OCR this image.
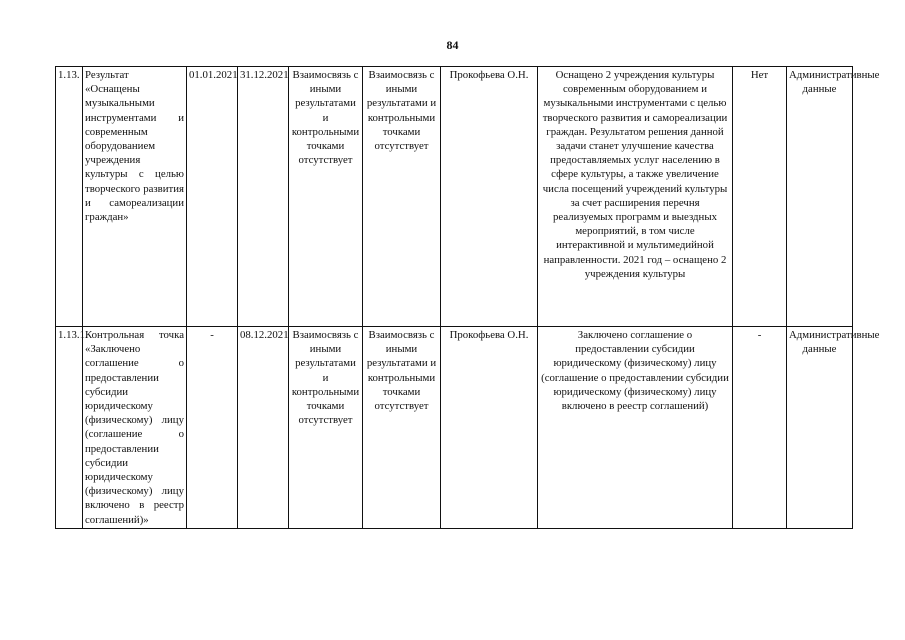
84
1.13.	Результат «Оснащены музыкальными инструментами и современным оборудованием учреждения культуры с целью творческого развития и самореализации граждан»	01.01.2021	31.12.2021	Взаимосвязь с иными результатами и контрольными точками отсутствует	Взаимосвязь с иными результатами и контрольными точками отсутствует	Прокофьева О.Н.	Оснащено 2 учреждения культуры современным оборудованием и музыкальными инструментами с целью творческого развития и самореализации граждан. Результатом решения данной задачи станет улучшение качества предоставляемых услуг населению в сфере культуры, а также увеличение числа посещений учреждений культуры за счет расширения перечня реализуемых программ и выездных мероприятий, в том числе интерактивной и мультимедийной направленности. 2021 год – оснащено 2 учреждения культуры	Нет	Административные данные
1.13.1.	Контрольная точка «Заключено соглашение о предоставлении субсидии юридическому (физическому) лицу (соглашение о предоставлении субсидии юридическому (физическому) лицу включено в реестр соглашений)»	-	08.12.2021	Взаимосвязь с иными результатами и контрольными точками отсутствует	Взаимосвязь с иными результатами и контрольными точками отсутствует	Прокофьева О.Н.	Заключено соглашение о предоставлении субсидии юридическому (физическому) лицу (соглашение о предоставлении субсидии юридическому (физическому) лицу включено в реестр соглашений)	-	Административные данные
